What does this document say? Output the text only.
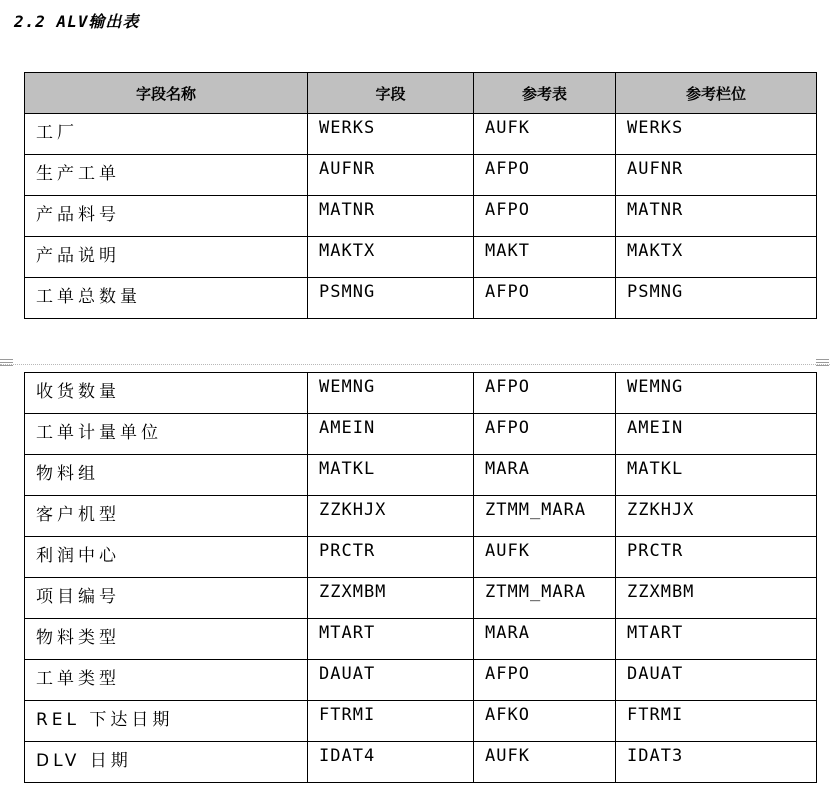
2.2 ALV输出表
字段名称	字段	参考表	参考栏位

工厂	WERKS	AUFK	WERKS

生产工单	AUFNR	AFPO	AUFNR

产品料号	MATNR	AFPO	MATNR

产品说明	MAKTX	MAKT	MAKTX

工单总数量	PSMNG	AFPO	PSMNG
收货数量	WEMNG	AFPO	WEMNG

工单计量单位	AMEIN	AFPO	AMEIN

物料组	MATKL	MARA	MATKL

客户机型	ZZKHJX	ZTMM_MARA	ZZKHJX

利润中心	PRCTR	AUFK	PRCTR

项目编号	ZZXMBM	ZTMM_MARA	ZZXMBM

物料类型	MTART	MARA	MTART

工单类型	DAUAT	AFPO	DAUAT

REL 下达日期	FTRMI	AFKO	FTRMI

DLV 日期	IDAT4	AUFK	IDAT3
